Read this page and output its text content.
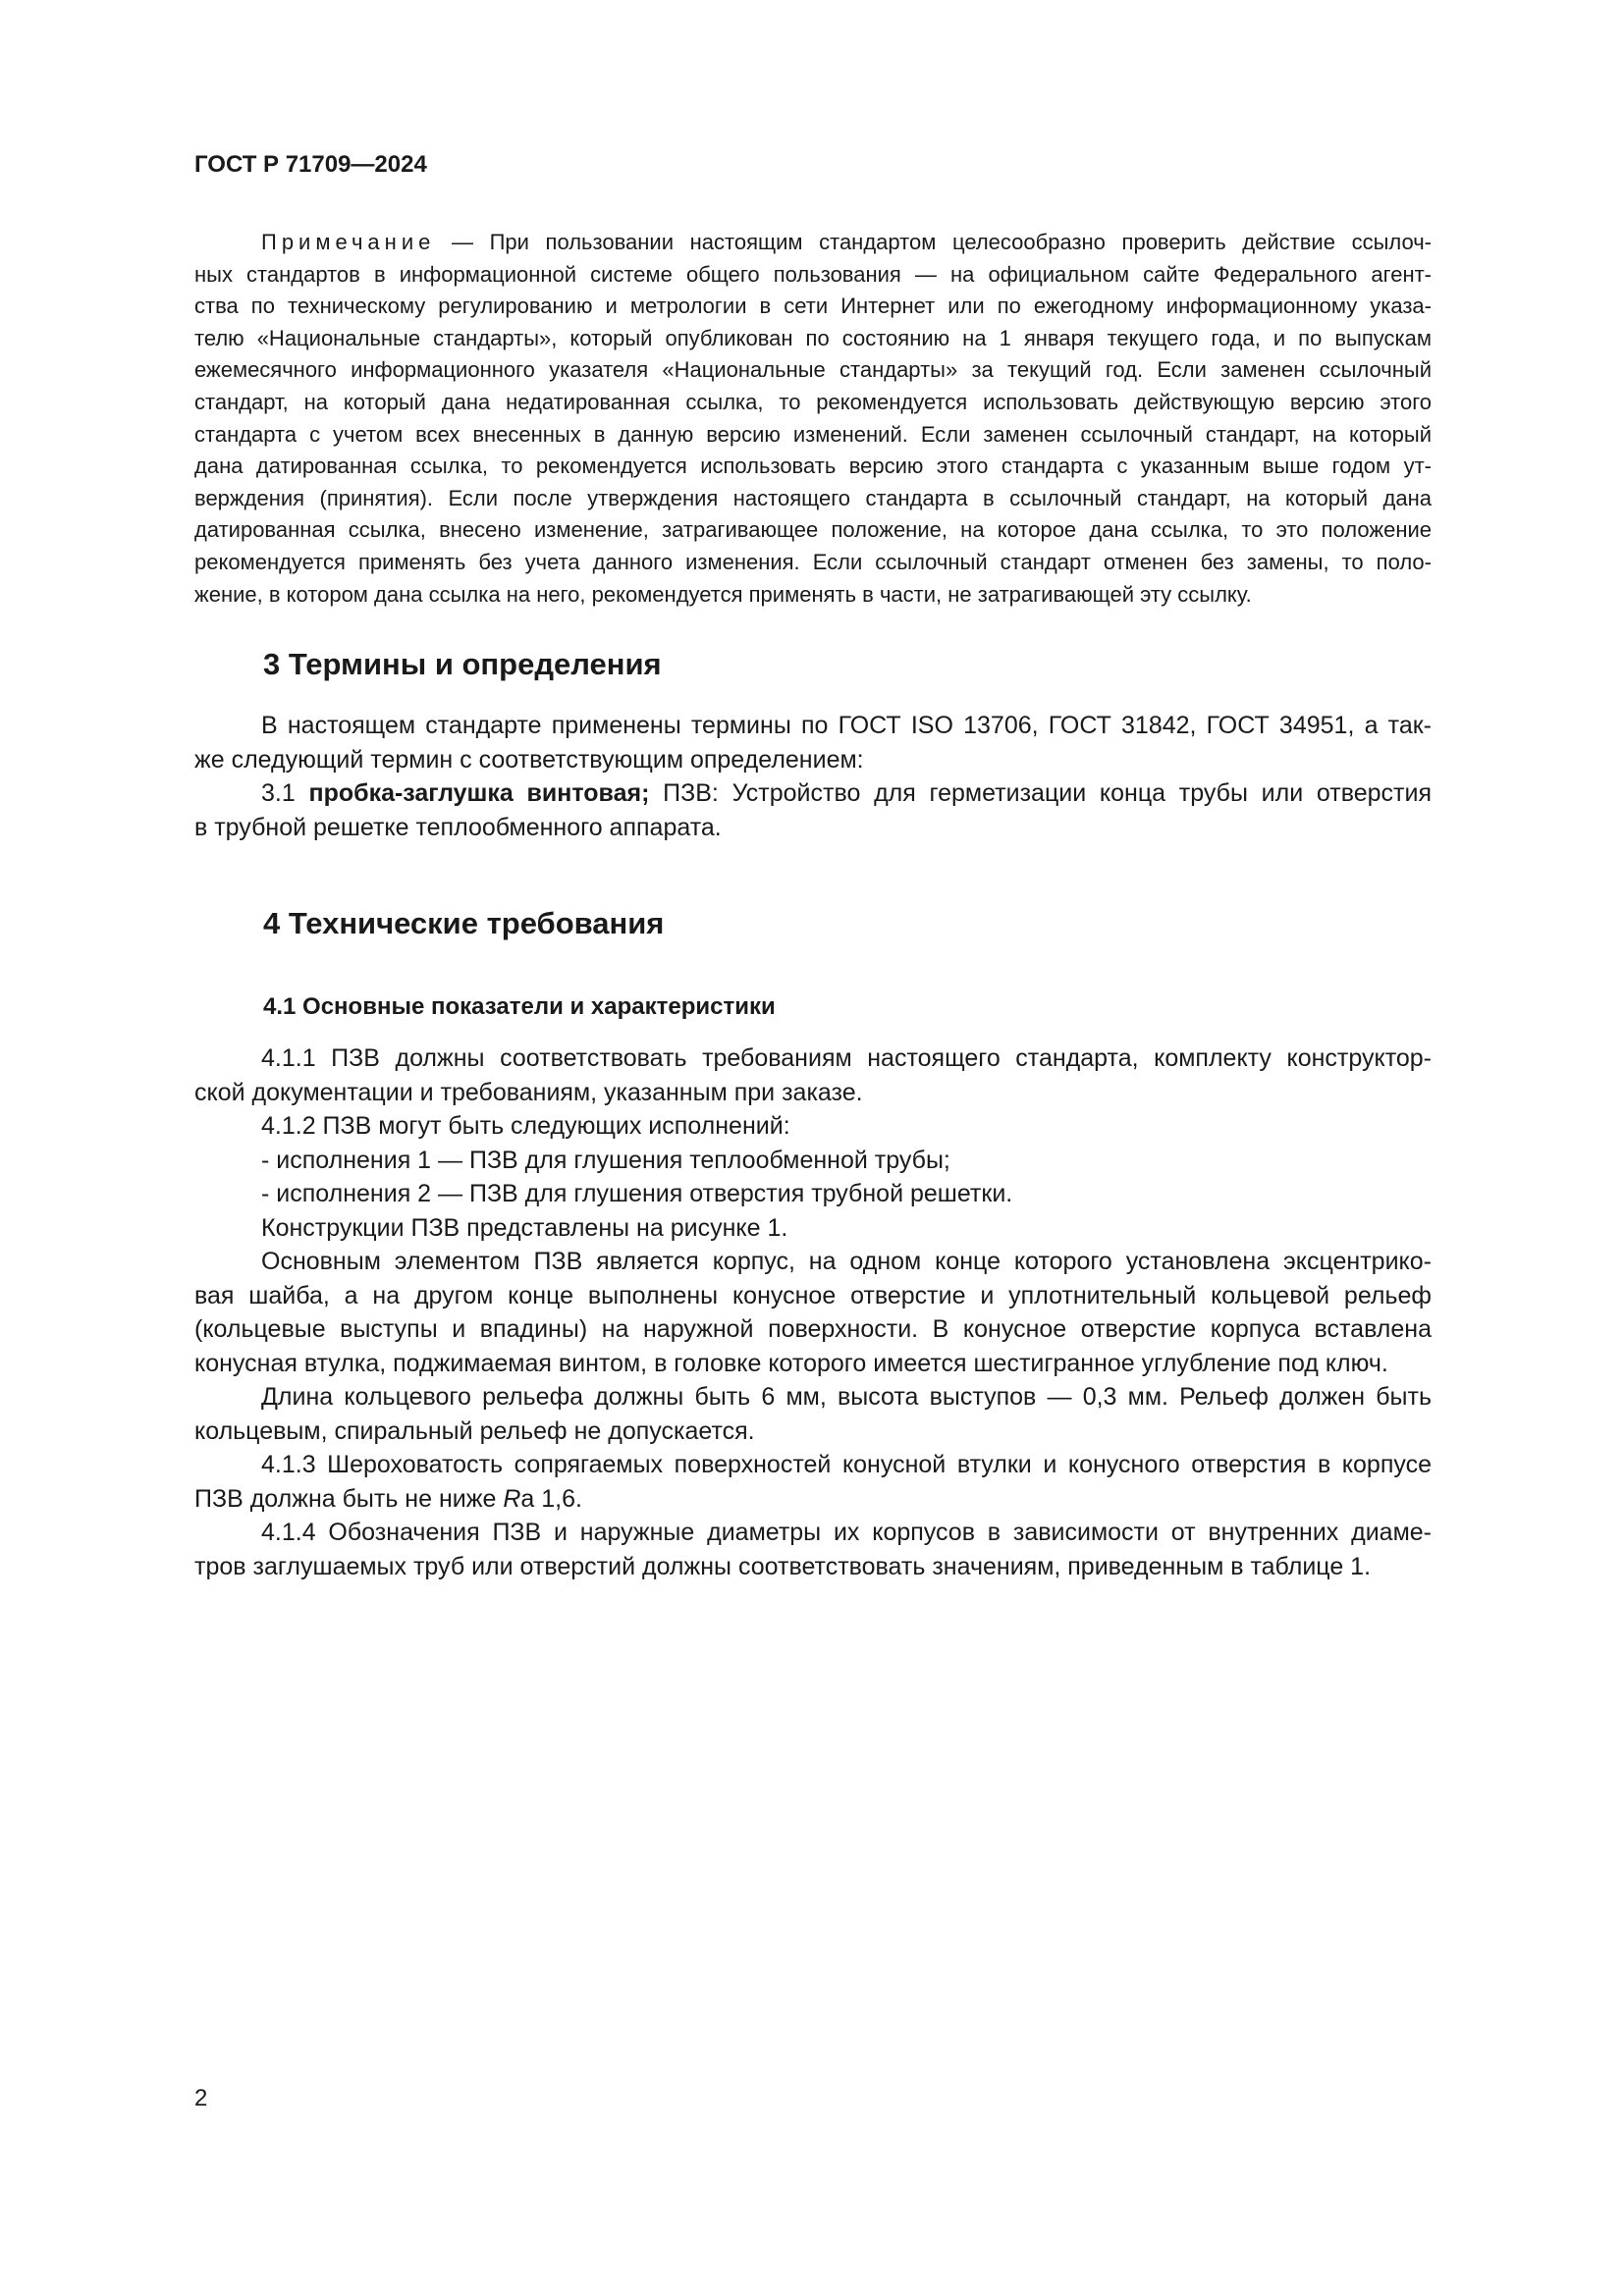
ГОСТ Р 71709—2024
Примечание — При пользовании настоящим стандартом целесообразно проверить действие ссылоч-
ных стандартов в информационной системе общего пользования — на официальном сайте Федерального агент-
ства по техническому регулированию и метрологии в сети Интернет или по ежегодному информационному указа-
телю «Национальные стандарты», который опубликован по состоянию на 1 января текущего года, и по выпускам
ежемесячного информационного указателя «Национальные стандарты» за текущий год. Если заменен ссылочный
стандарт, на который дана недатированная ссылка, то рекомендуется использовать действующую версию этого
стандарта с учетом всех внесенных в данную версию изменений. Если заменен ссылочный стандарт, на который
дана датированная ссылка, то рекомендуется использовать версию этого стандарта с указанным выше годом ут-
верждения (принятия). Если после утверждения настоящего стандарта в ссылочный стандарт, на который дана
датированная ссылка, внесено изменение, затрагивающее положение, на которое дана ссылка, то это положение
рекомендуется применять без учета данного изменения. Если ссылочный стандарт отменен без замены, то поло-
жение, в котором дана ссылка на него, рекомендуется применять в части, не затрагивающей эту ссылку.
3 Термины и определения
В настоящем стандарте применены термины по ГОСТ ISO 13706, ГОСТ 31842, ГОСТ 34951, а так-
же следующий термин с соответствующим определением:
3.1 пробка-заглушка винтовая; ПЗВ: Устройство для герметизации конца трубы или отверстия
в трубной решетке теплообменного аппарата.
4 Технические требования
4.1 Основные показатели и характеристики
4.1.1 ПЗВ должны соответствовать требованиям настоящего стандарта, комплекту конструктор-
ской документации и требованиям, указанным при заказе.
4.1.2 ПЗВ могут быть следующих исполнений:
- исполнения 1 — ПЗВ для глушения теплообменной трубы;
- исполнения 2 — ПЗВ для глушения отверстия трубной решетки.
Конструкции ПЗВ представлены на рисунке 1.
Основным элементом ПЗВ является корпус, на одном конце которого установлена эксцентрико-
вая шайба, а на другом конце выполнены конусное отверстие и уплотнительный кольцевой рельеф
(кольцевые выступы и впадины) на наружной поверхности. В конусное отверстие корпуса вставлена
конусная втулка, поджимаемая винтом, в головке которого имеется шестигранное углубление под ключ.
Длина кольцевого рельефа должны быть 6 мм, высота выступов — 0,3 мм. Рельеф должен быть
кольцевым, спиральный рельеф не допускается.
4.1.3 Шероховатость сопрягаемых поверхностей конусной втулки и конусного отверстия в корпусе
ПЗВ должна быть не ниже Ra 1,6.
4.1.4 Обозначения ПЗВ и наружные диаметры их корпусов в зависимости от внутренних диаме-
тров заглушаемых труб или отверстий должны соответствовать значениям, приведенным в таблице 1.
2
